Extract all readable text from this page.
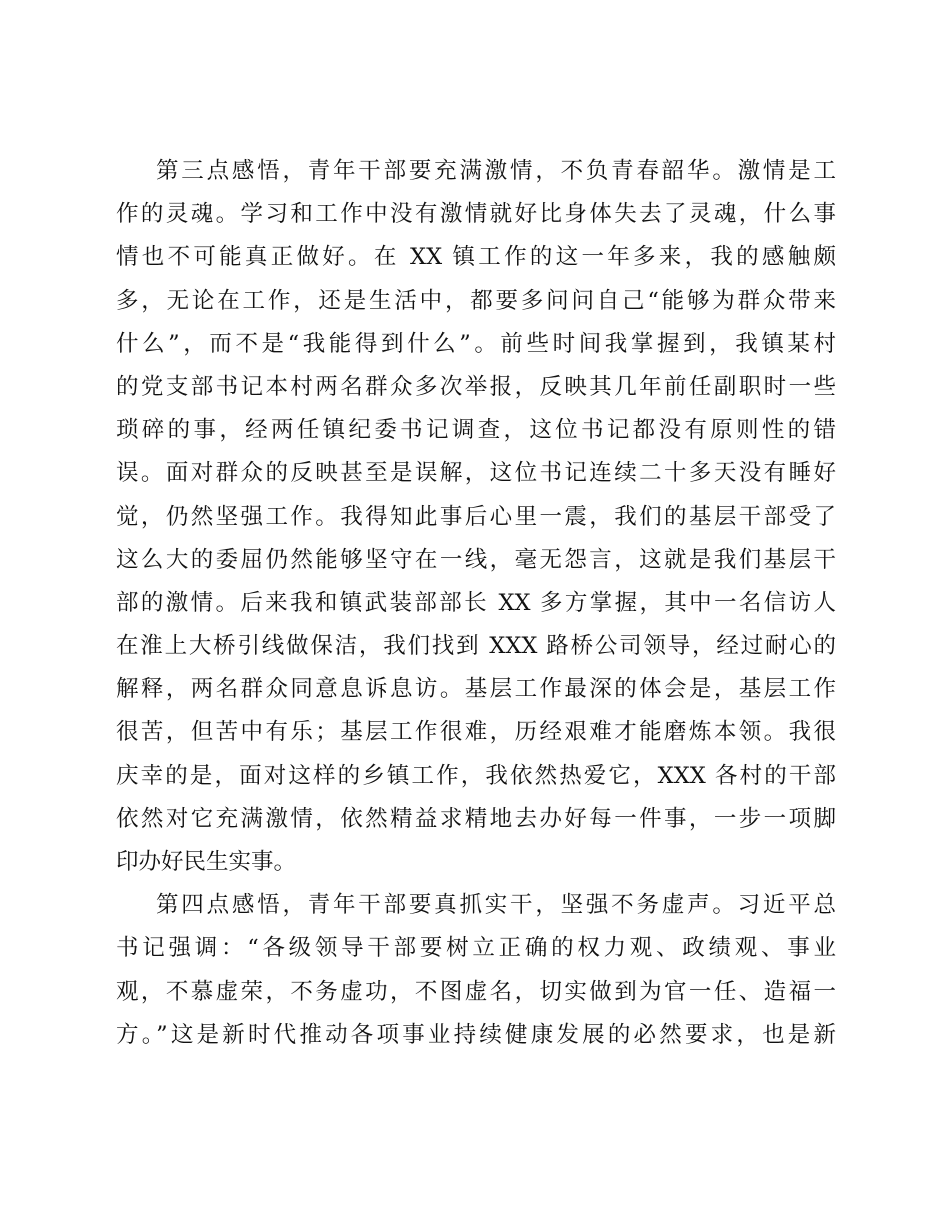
第三点感悟，青年干部要充满激情，不负青春韶华。激情是工
作的灵魂。学习和工作中没有激情就好比身体失去了灵魂，什么事
情也不可能真正做好。在 XX 镇工作的这一年多来，我的感触颇
多，无论在工作，还是生活中，都要多问问自己“能够为群众带来
什么”，而不是“我能得到什么”。前些时间我掌握到，我镇某村
的党支部书记本村两名群众多次举报，反映其几年前任副职时一些
琐碎的事，经两任镇纪委书记调查，这位书记都没有原则性的错
误。面对群众的反映甚至是误解，这位书记连续二十多天没有睡好
觉，仍然坚强工作。我得知此事后心里一震，我们的基层干部受了
这么大的委屈仍然能够坚守在一线，毫无怨言，这就是我们基层干
部的激情。后来我和镇武装部部长 XX 多方掌握，其中一名信访人
在淮上大桥引线做保洁，我们找到 XXX 路桥公司领导，经过耐心的
解释，两名群众同意息诉息访。基层工作最深的体会是，基层工作
很苦，但苦中有乐；基层工作很难，历经艰难才能磨炼本领。我很
庆幸的是，面对这样的乡镇工作，我依然热爱它，XXX 各村的干部
依然对它充满激情，依然精益求精地去办好每一件事，一步一项脚
印办好民生实事。
第四点感悟，青年干部要真抓实干，坚强不务虚声。习近平总
书记强调：“各级领导干部要树立正确的权力观、政绩观、事业
观，不慕虚荣，不务虚功，不图虚名，切实做到为官一任、造福一
方。”这是新时代推动各项事业持续健康发展的必然要求，也是新
